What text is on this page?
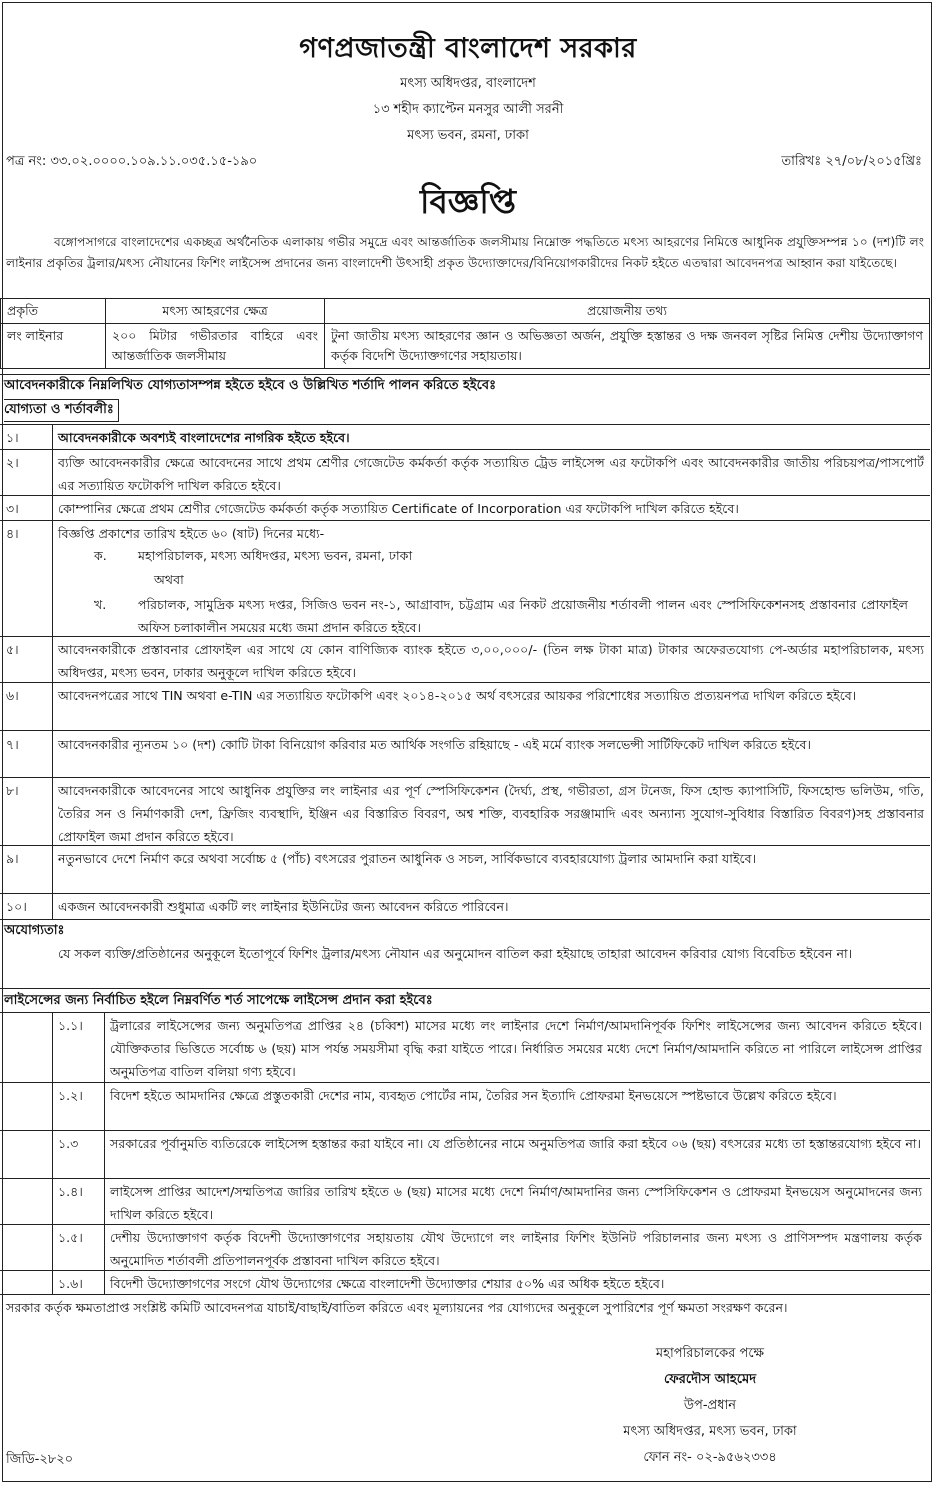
গণপ্রজাতন্ত্রী বাংলাদেশ সরকার
মৎস্য অধিদপ্তর, বাংলাদেশ
১৩ শহীদ ক্যাপ্টেন মনসুর আলী সরনী
মৎস্য ভবন, রমনা, ঢাকা
পত্র নং: ৩৩.০২.০০০০.১০৯.১১.০৩৫.১৫-১৯০	তারিখঃ ২৭/০৮/২০১৫খ্রিঃ
বিজ্ঞপ্তি
বঙ্গোপসাগরে বাংলাদেশের একচ্ছত্র অর্থনৈতিক এলাকায় গভীর সমুদ্রে এবং আন্তর্জাতিক জলসীমায় নিম্নোক্ত পদ্ধতিতে মৎস্য আহরণের নিমিত্তে আধুনিক প্রযুক্তিসম্পন্ন ১০ (দশ)টি লং লাইনার প্রকৃতির ট্রলার/মৎস্য নৌযানের ফিশিং লাইসেন্স প্রদানের জন্য বাংলাদেশী উৎসাহী প্রকৃত উদ্যোক্তাদের/বিনিয়োগকারীদের নিকট হইতে এতদ্বারা আবেদনপত্র আহ্বান করা যাইতেছে।
প্রকৃতি	মৎস্য আহরণের ক্ষেত্র	প্রয়োজনীয় তথ্য
লং লাইনার	২০০ মিটার গভীরতার বাহিরে এবং আন্তর্জাতিক জলসীমায়	টুনা জাতীয় মৎস্য আহরণের জ্ঞান ও অভিজ্ঞতা অর্জন, প্রযুক্তি হস্তান্তর ও দক্ষ জনবল সৃষ্টির নিমিত্ত দেশীয় উদ্যোক্তাগণ কর্তৃক বিদেশি উদ্যোক্তগণের সহায়তায়।
আবেদনকারীকে নিম্নলিখিত যোগ্যতাসম্পন্ন হইতে হইবে ও উল্লিখিত শর্তাদি পালন করিতে হইবেঃ
যোগ্যতা ও শর্তাবলীঃ
১।	আবেদনকারীকে অবশ্যই বাংলাদেশের নাগরিক হইতে হইবে।
২।	ব্যক্তি আবেদনকারীর ক্ষেত্রে আবেদনের সাথে প্রথম শ্রেণীর গেজেটেড কর্মকর্তা কর্তৃক সত্যায়িত ট্রেড লাইসেন্স এর ফটোকপি এবং আবেদনকারীর জাতীয় পরিচয়পত্র/পাসপোর্ট এর সত্যায়িত ফটোকপি দাখিল করিতে হইবে।
৩।	কোম্পানির ক্ষেত্রে প্রথম শ্রেণীর গেজেটেড কর্মকর্তা কর্তৃক সত্যায়িত Certificate of Incorporation এর ফটোকপি দাখিল করিতে হইবে।
৪।	বিজ্ঞপ্তি প্রকাশের তারিখ হইতে ৬০ (ষাট) দিনের মধ্যে-
ক. মহাপরিচালক, মৎস্য অধিদপ্তর, মৎস্য ভবন, রমনা, ঢাকা
অথবা
খ.	পরিচালক, সামুদ্রিক মৎস্য দপ্তর, সিজিও ভবন নং-১, আগ্রাবাদ, চট্টগ্রাম এর নিকট প্রয়োজনীয় শর্তাবলী পালন এবং স্পেসিফিকেশনসহ প্রস্তাবনার প্রোফাইল অফিস চলাকালীন সময়ের মধ্যে জমা প্রদান করিতে হইবে।
৫।	আবেদনকারীকে প্রস্তাবনার প্রোফাইল এর সাথে যে কোন বাণিজ্যিক ব্যাংক হইতে ৩,০০,০০০/- (তিন লক্ষ টাকা মাত্র) টাকার অফেরতযোগ্য পে-অর্ডার মহাপরিচালক, মৎস্য অধিদপ্তর, মৎস্য ভবন, ঢাকার অনুকূলে দাখিল করিতে হইবে।
৬।	আবেদনপত্রের সাথে TIN অথবা e-TIN এর সত্যায়িত ফটোকপি এবং ২০১৪-২০১৫ অর্থ বৎসরের আয়কর পরিশোধের সত্যায়িত প্রত্যয়নপত্র দাখিল করিতে হইবে।
৭।	আবেদনকারীর ন্যূনতম ১০ (দশ) কোটি টাকা বিনিয়োগ করিবার মত আর্থিক সংগতি রহিয়াছে - এই মর্মে ব্যাংক সলভেন্সী সার্টিফিকেট দাখিল করিতে হইবে।
৮।	আবেদনকারীকে আবেদনের সাথে আধুনিক প্রযুক্তির লং লাইনার এর পূর্ণ স্পেসিফিকেশন (দৈর্ঘ্য, প্রস্থ, গভীরতা, গ্রস টনেজ, ফিস হোল্ড ক্যাপাসিটি, ফিসহোল্ড ভলিউম, গতি, তৈরির সন ও নির্মাণকারী দেশ, ফ্রিজিং ব্যবস্থাদি, ইঞ্জিন এর বিস্তারিত বিবরণ, অশ্ব শক্তি, ব্যবহারিক সরঞ্জামাদি এবং অন্যান্য সুযোগ-সুবিধার বিস্তারিত বিবরণ)সহ প্রস্তাবনার প্রোফাইল জমা প্রদান করিতে হইবে।
৯।	নতুনভাবে দেশে নির্মাণ করে অথবা সর্বোচ্চ ৫ (পাঁচ) বৎসরের পুরাতন আধুনিক ও সচল, সার্বিকভাবে ব্যবহারযোগ্য ট্রলার আমদানি করা যাইবে।
১০। একজন আবেদনকারী শুধুমাত্র একটি লং লাইনার ইউনিটের জন্য আবেদন করিতে পারিবেন।
অযোগ্যতাঃ
যে সকল ব্যক্তি/প্রতিষ্ঠানের অনুকূলে ইতোপূর্বে ফিশিং ট্রলার/মৎস্য নৌযান এর অনুমোদন বাতিল করা হইয়াছে তাহারা আবেদন করিবার যোগ্য বিবেচিত হইবেন না।
লাইসেন্সের জন্য নির্বাচিত হইলে নিম্নবর্ণিত শর্ত সাপেক্ষে লাইসেন্স প্রদান করা হইবেঃ
১.১। ট্রলারের লাইসেন্সের জন্য অনুমতিপত্র প্রাপ্তির ২৪ (চব্বিশ) মাসের মধ্যে লং লাইনার দেশে নির্মাণ/আমদানিপূর্বক ফিশিং লাইসেন্সের জন্য আবেদন করিতে হইবে। যৌক্তিকতার ভিত্তিতে সর্বোচ্চ ৬ (ছয়) মাস পর্যন্ত সময়সীমা বৃদ্ধি করা যাইতে পারে। নির্ধারিত সময়ের মধ্যে দেশে নির্মাণ/আমদানি করিতে না পারিলে লাইসেন্স প্রাপ্তির অনুমতিপত্র বাতিল বলিয়া গণ্য হইবে।
১.২। বিদেশ হইতে আমদানির ক্ষেত্রে প্রস্তুতকারী দেশের নাম, ব্যবহৃত পোর্টের নাম, তৈরির সন ইত্যাদি প্রোফরমা ইনভয়েসে স্পষ্টভাবে উল্লেখ করিতে হইবে।
১.৩	সরকারের পূর্বানুমতি ব্যতিরেকে লাইসেন্স হস্তান্তর করা যাইবে না। যে প্রতিষ্ঠানের নামে অনুমতিপত্র জারি করা হইবে ০৬ (ছয়) বৎসরের মধ্যে তা হস্তান্তরযোগ্য হইবে না।
১.৪। লাইসেন্স প্রাপ্তির আদেশ/সম্মতিপত্র জারির তারিখ হইতে ৬ (ছয়) মাসের মধ্যে দেশে নির্মাণ/আমদানির জন্য স্পেসিফিকেশন ও প্রোফরমা ইনভয়েস অনুমোদনের জন্য দাখিল করিতে হইবে।
১.৫। দেশীয় উদ্যোক্তাগণ কর্তৃক বিদেশী উদ্যোক্তাগণের সহায়তায় যৌথ উদ্যোগে লং লাইনার ফিশিং ইউনিট পরিচালনার জন্য মৎস্য ও প্রাণিসম্পদ মন্ত্রণালয় কর্তৃক অনুমোদিত শর্তাবলী প্রতিপালনপূর্বক প্রস্তাবনা দাখিল করিতে হইবে।
১.৬। বিদেশী উদ্যোক্তাগণের সংগে যৌথ উদ্যোগের ক্ষেত্রে বাংলাদেশী উদ্যোক্তার শেয়ার ৫০% এর অধিক হইতে হইবে।
সরকার কর্তৃক ক্ষমতাপ্রাপ্ত সংশ্লিষ্ট কমিটি আবেদনপত্র যাচাই/বাছাই/বাতিল করিতে এবং মূল্যায়নের পর যোগ্যদের অনুকূলে সুপারিশের পূর্ণ ক্ষমতা সংরক্ষণ করেন।
মহাপরিচালকের পক্ষে
ফেরদৌস আহমেদ
উপ-প্রধান
মৎস্য অধিদপ্তর, মৎস্য ভবন, ঢাকা
ফোন নং- ০২-৯৫৬২৩৩৪
জিডি-২৮২০
